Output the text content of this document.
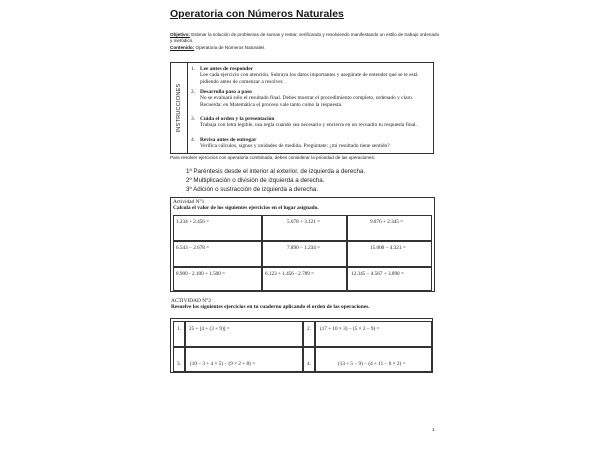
Operatoria con Números Naturales
Objetivo: Estimar la solución de problemas de sumas y restar, verificando y resolviendo manifestando un estilo de trabajo ordenado y metódico.
Contenido: Operatoria de Números Naturales
INSTRUCCIONES
1. Lee antes de responder
Lee cada ejercicio con atención. Subraya los datos importantes y asegúrate de entender qué se te está pidiendo antes de comenzar a resolver.
2. Desarrolla paso a paso
No se evaluará sólo el resultado final. Debes mostrar el procedimiento completo, ordenado y claro. Recuerda: en Matemática el proceso vale tanto como la respuesta.
3. Cuida el orden y la presentación
Trabaja con letra legible, usa regla cuando sea necesario y encierra en un recuadro tu respuesta final.
4. Revisa antes de entregar
Verifica cálculos, signos y unidades de medida. Pregúntate: ¿mi resultado tiene sentido?
Para resolver ejercicios con operatoria combinada, debes considerar la prioridad de las operaciones:
1º Paréntesis desde el interior al exterior, de izquierda a derecha.
2º Multiplicación o división de izquierda a derecha.
3º Adición o sustracción de izquierda a derecha.
Actividad N°1
Calcula el valor de los siguientes ejercicios en el lugar asignado.
1.234 + 2.456 =	5.678 + 3.121 =	9.876 + 2.345 =
6.543 − 2.678 =	7.890 − 1.234 =	15.000 − 4.321 =
8.900 - 2.100 + 1.500 =	6.123 + 1.456 - 2.789 =	12.345 − 4.567 + 3.890 =
ACTIVIDAD N°2
Resuelve los siguientes ejercicios en tu cuaderno aplicando el orden de las operaciones.
1. 25 + [4 + (3 + 9)] =	2. (17 + 10 × 3) − (5 × 2 − 9) =
3. (10 − 3 + 4 × 5) − (9 × 2 + 8) =	4.	(13 + 5 − 9) − (4 + 11 − 6 × 2) =
1
